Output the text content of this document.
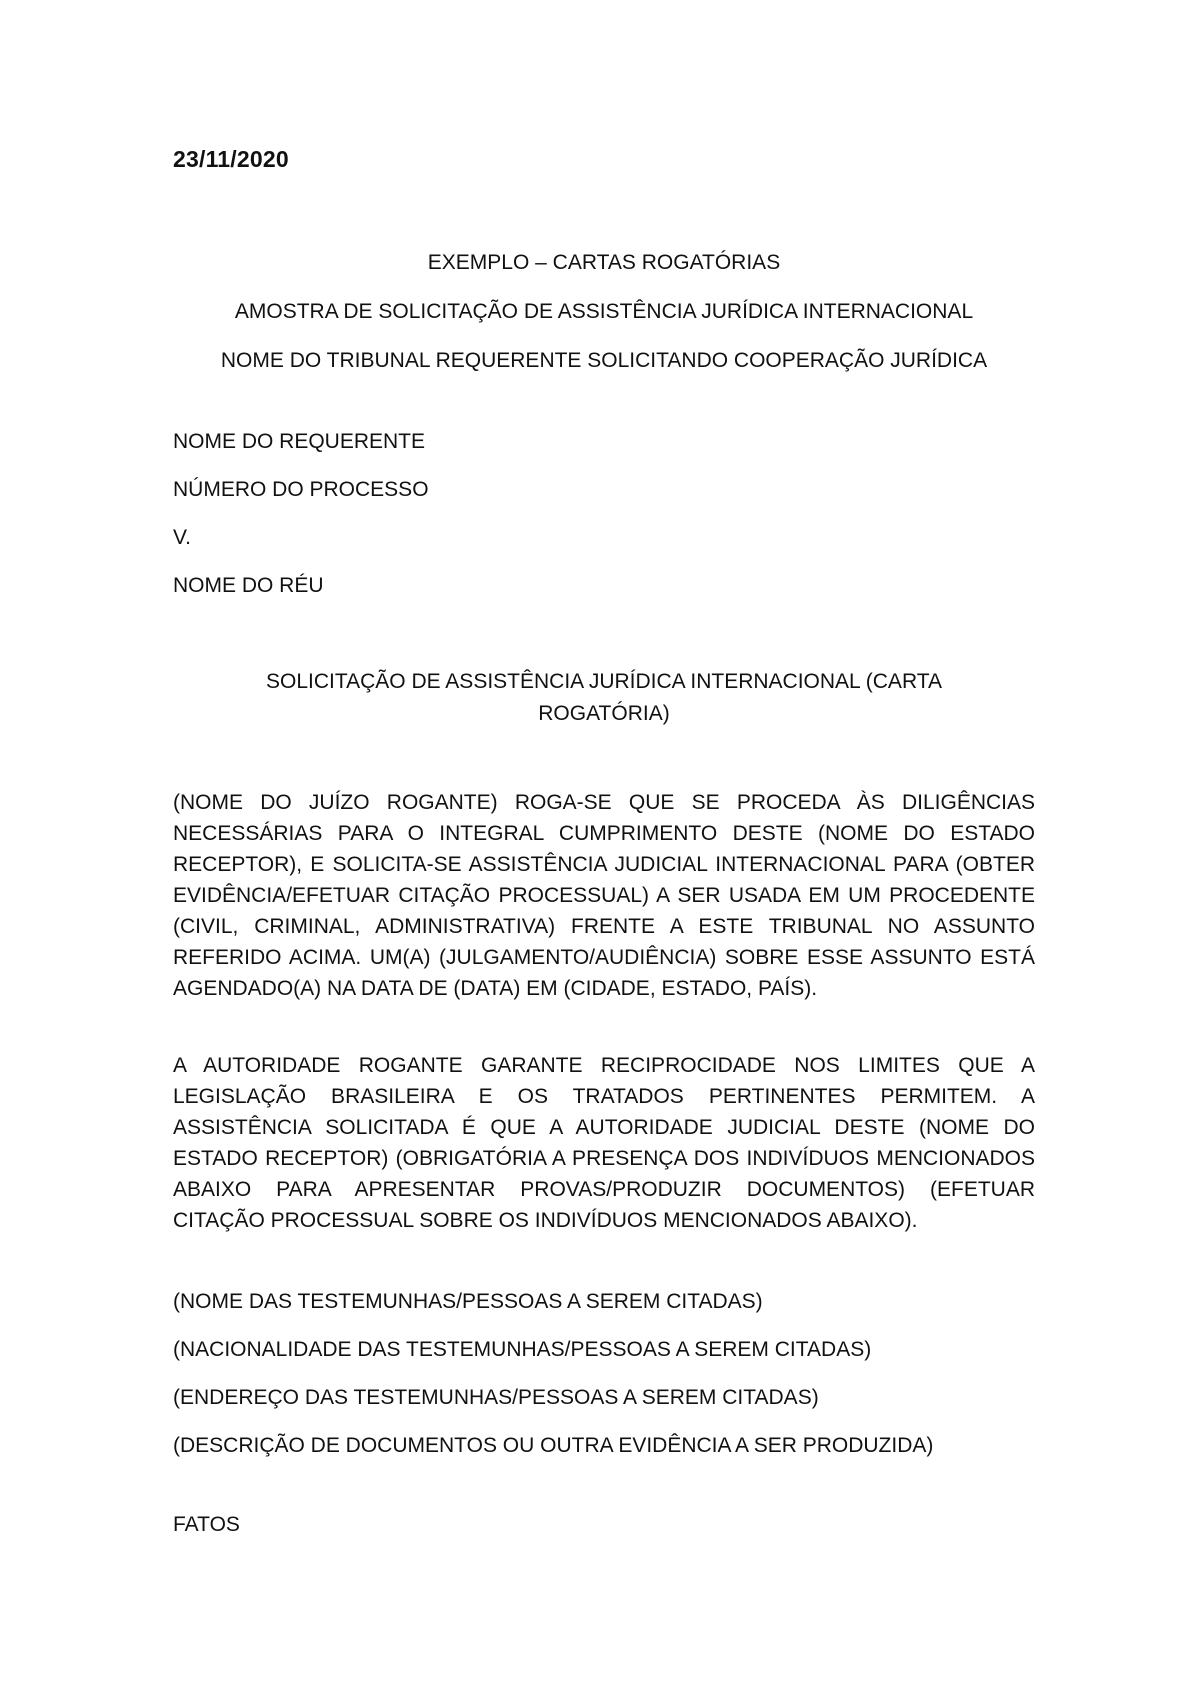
23/11/2020
EXEMPLO – CARTAS ROGATÓRIAS
AMOSTRA DE SOLICITAÇÃO DE ASSISTÊNCIA JURÍDICA INTERNACIONAL
NOME DO TRIBUNAL REQUERENTE SOLICITANDO COOPERAÇÃO JURÍDICA
NOME DO REQUERENTE
NÚMERO DO PROCESSO
V.
NOME DO RÉU
SOLICITAÇÃO DE ASSISTÊNCIA JURÍDICA INTERNACIONAL (CARTA ROGATÓRIA)
(NOME DO JUÍZO ROGANTE) ROGA-SE QUE SE PROCEDA ÀS DILIGÊNCIAS NECESSÁRIAS PARA O INTEGRAL CUMPRIMENTO DESTE (NOME DO ESTADO RECEPTOR), E SOLICITA-SE ASSISTÊNCIA JUDICIAL INTERNACIONAL PARA (OBTER EVIDÊNCIA/EFETUAR CITAÇÃO PROCESSUAL) A SER USADA EM UM PROCEDENTE (CIVIL, CRIMINAL, ADMINISTRATIVA) FRENTE A ESTE TRIBUNAL NO ASSUNTO REFERIDO ACIMA. UM(A) (JULGAMENTO/AUDIÊNCIA) SOBRE ESSE ASSUNTO ESTÁ AGENDADO(A) NA DATA DE (DATA) EM (CIDADE, ESTADO, PAÍS).
A AUTORIDADE ROGANTE GARANTE RECIPROCIDADE NOS LIMITES QUE A LEGISLAÇÃO BRASILEIRA E OS TRATADOS PERTINENTES PERMITEM. A ASSISTÊNCIA SOLICITADA É QUE A AUTORIDADE JUDICIAL DESTE (NOME DO ESTADO RECEPTOR) (OBRIGATÓRIA A PRESENÇA DOS INDIVÍDUOS MENCIONADOS ABAIXO PARA APRESENTAR PROVAS/PRODUZIR DOCUMENTOS) (EFETUAR CITAÇÃO PROCESSUAL SOBRE OS INDIVÍDUOS MENCIONADOS ABAIXO).
(NOME DAS TESTEMUNHAS/PESSOAS A SEREM CITADAS)
(NACIONALIDADE DAS TESTEMUNHAS/PESSOAS A SEREM CITADAS)
(ENDEREÇO DAS TESTEMUNHAS/PESSOAS A SEREM CITADAS)
(DESCRIÇÃO DE DOCUMENTOS OU OUTRA EVIDÊNCIA A SER PRODUZIDA)
FATOS
